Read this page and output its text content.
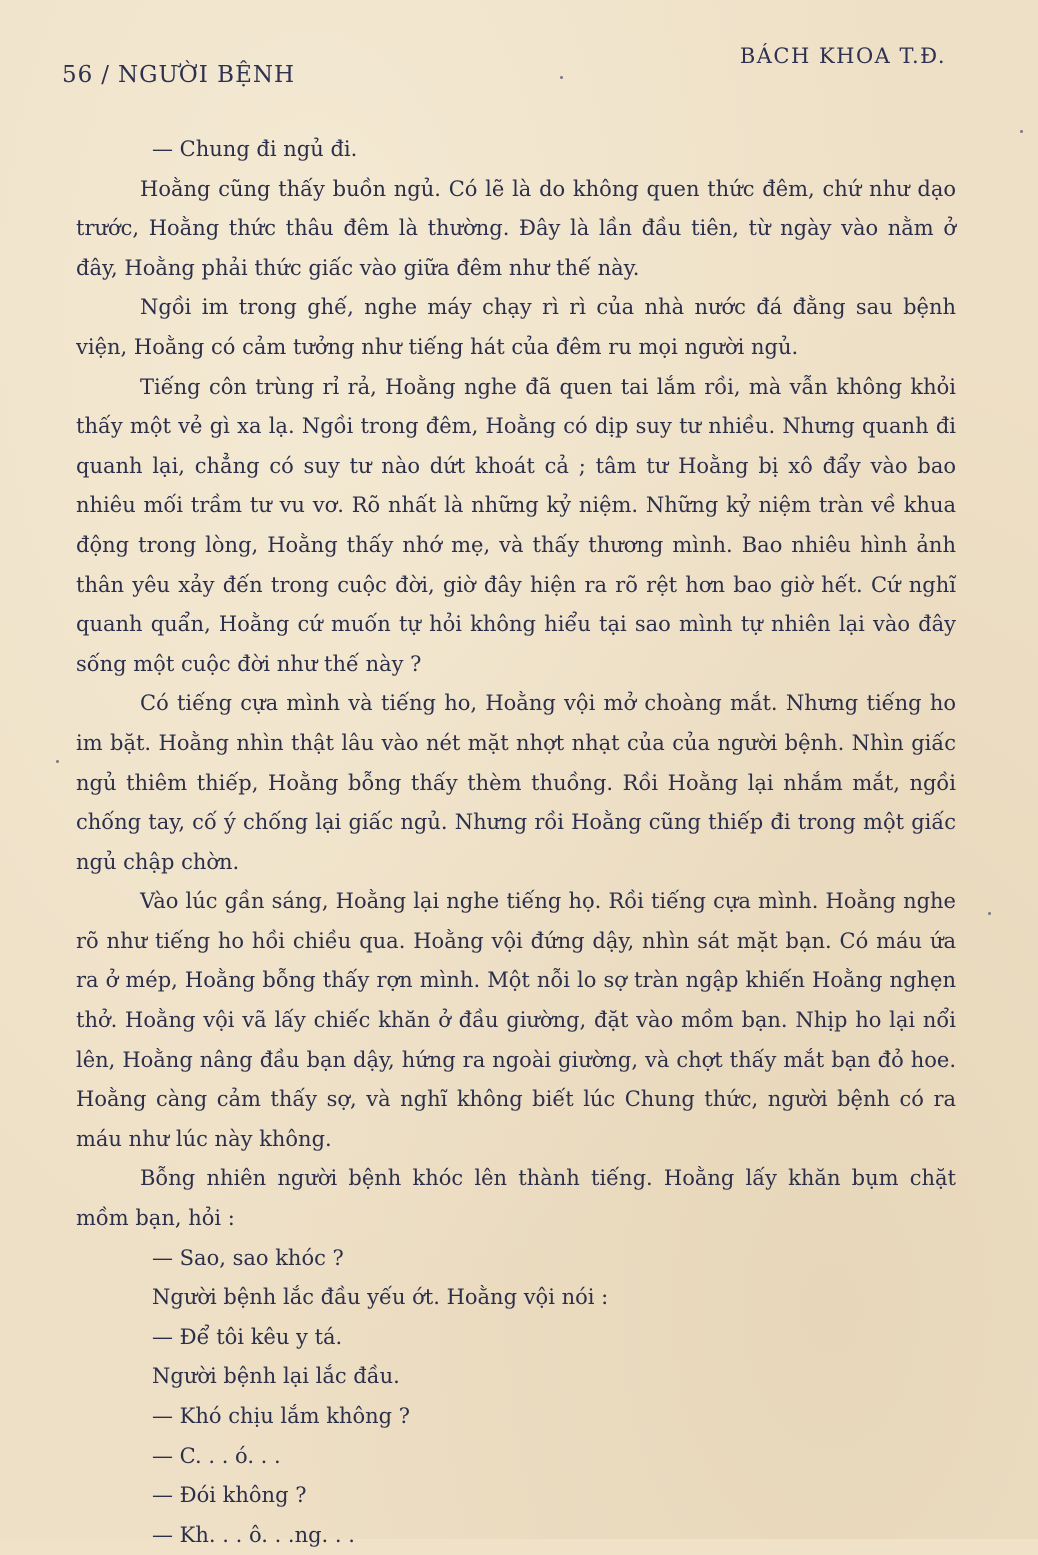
56 / NGƯỜI BỆNH
BÁCH KHOA T.Đ.

— Chung đi ngủ đi.

Hoằng cũng thấy buồn ngủ. Có lẽ là do không quen thức đêm, chứ như dạo trước, Hoằng thức thâu đêm là thường. Đây là lần đầu tiên, từ ngày vào nằm ở đây, Hoằng phải thức giấc vào giữa đêm như thế này.

Ngồi im trong ghế, nghe máy chạy rì rì của nhà nước đá đằng sau bệnh viện, Hoằng có cảm tưởng như tiếng hát của đêm ru mọi người ngủ.

Tiếng côn trùng rỉ rả, Hoằng nghe đã quen tai lắm rồi, mà vẫn không khỏi thấy một vẻ gì xa lạ. Ngồi trong đêm, Hoằng có dịp suy tư nhiều. Nhưng quanh đi quanh lại, chẳng có suy tư nào dứt khoát cả ; tâm tư Hoằng bị xô đẩy vào bao nhiêu mối trầm tư vu vơ. Rõ nhất là những kỷ niệm. Những kỷ niệm tràn về khua động trong lòng, Hoằng thấy nhớ mẹ, và thấy thương mình. Bao nhiêu hình ảnh thân yêu xảy đến trong cuộc đời, giờ đây hiện ra rõ rệt hơn bao giờ hết. Cứ nghĩ quanh quẩn, Hoằng cứ muốn tự hỏi không hiểu tại sao mình tự nhiên lại vào đây sống một cuộc đời như thế này ?

Có tiếng cựa mình và tiếng ho, Hoằng vội mở choàng mắt. Nhưng tiếng ho im bặt. Hoằng nhìn thật lâu vào nét mặt nhợt nhạt của của người bệnh. Nhìn giấc ngủ thiêm thiếp, Hoằng bỗng thấy thèm thuồng. Rồi Hoằng lại nhắm mắt, ngồi chống tay, cố ý chống lại giấc ngủ. Nhưng rồi Hoằng cũng thiếp đi trong một giấc ngủ chập chờn.

Vào lúc gần sáng, Hoằng lại nghe tiếng họ. Rồi tiếng cựa mình. Hoằng nghe rõ như tiếng ho hồi chiều qua. Hoằng vội đứng dậy, nhìn sát mặt bạn. Có máu ứa ra ở mép, Hoằng bỗng thấy rợn mình. Một nỗi lo sợ tràn ngập khiến Hoằng nghẹn thở. Hoằng vội vã lấy chiếc khăn ở đầu giường, đặt vào mồm bạn. Nhịp ho lại nổi lên, Hoằng nâng đầu bạn dậy, hứng ra ngoài giường, và chợt thấy mắt bạn đỏ hoe. Hoằng càng cảm thấy sợ, và nghĩ không biết lúc Chung thức, người bệnh có ra máu như lúc này không.

Bỗng nhiên người bệnh khóc lên thành tiếng. Hoằng lấy khăn bụm chặt mồm bạn, hỏi :

— Sao, sao khóc ?

Người bệnh lắc đầu yếu ớt. Hoằng vội nói :

— Để tôi kêu y tá.

Người bệnh lại lắc đầu.

— Khó chịu lắm không ?

— C. . . ó. . .

— Đói không ?

— Kh. . . ô. . .ng. . .
